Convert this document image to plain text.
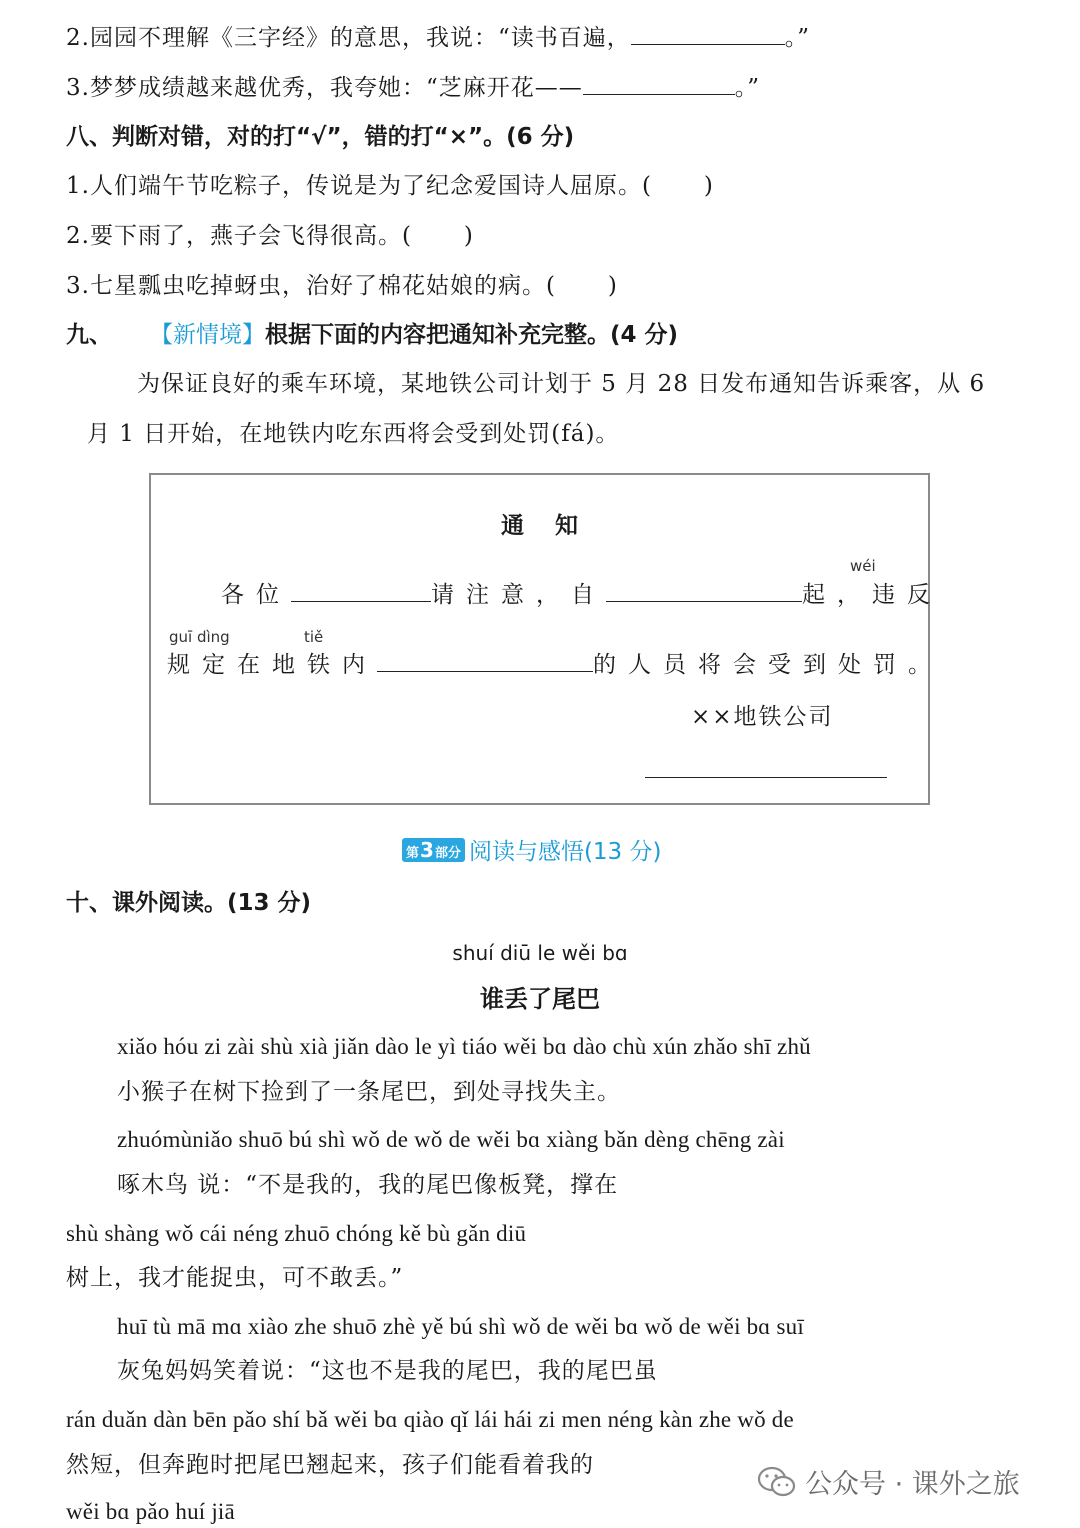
2.园园不理解《三字经》的意思，我说：“读书百遍，	。”
3.梦梦成绩越来越优秀，我夸她：“芝麻开花——	。”
八、判断对错，对的打“√”，错的打“×”。(6 分)
1.人们端午节吃粽子，传说是为了纪念爱国诗人屈原。( )
2.要下雨了，燕子会飞得很高。( )
3.七星瓢虫吃掉蚜虫，治好了棉花姑娘的病。( )
九、 【新情境】根据下面的内容把通知补充完整。(4 分)
为保证良好的乘车环境，某地铁公司计划于 5 月 28 日发布通知告诉乘客，从 6
月 1 日开始，在地铁内吃东西将会受到处罚(fá)。
通　知
wéi
各位	请注意，自	起，违反
guī dìng	tiě
规定在地铁内	的人员将会受到处罚。
××地铁公司
第 3 部分 阅读与感悟(13 分)
十、课外阅读。(13 分)
shuí diū le wěi bɑ
谁丢了尾巴
xiǎo hóu zi zài shù xià jiǎn dào le yì tiáo wěi bɑ dào chù xún zhǎo shī zhǔ
小猴子在树下捡到了一条尾巴，到处寻找失主。
zhuómùniǎo shuō bú shì wǒ de wǒ de wěi bɑ xiàng bǎn dèng chēng zài
啄木鸟 说：“不是我的，我的尾巴像板凳，撑在
shù shàng wǒ cái néng zhuō chóng kě bù gǎn diū
树上，我才能捉虫，可不敢丢。”
huī tù mā mɑ xiào zhe shuō zhè yě bú shì wǒ de wěi bɑ wǒ de wěi bɑ suī
灰兔妈妈笑着说：“这也不是我的尾巴，我的尾巴虽
rán duǎn dàn bēn pǎo shí bǎ wěi bɑ qiào qǐ lái hái zi men néng kàn zhe wǒ de
然短，但奔跑时把尾巴翘起来，孩子们能看着我的
wěi bɑ pǎo huí jiā
公众号 · 课外之旅
